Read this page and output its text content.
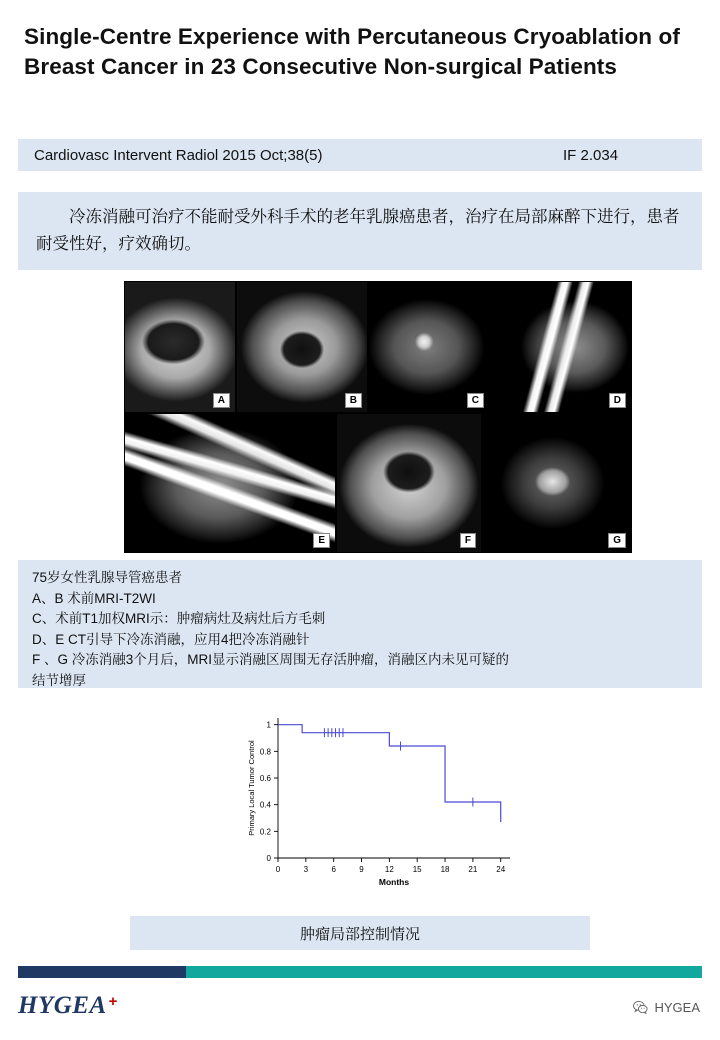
Single-Centre Experience with Percutaneous Cryoablation of Breast Cancer in 23 Consecutive Non-surgical Patients
Cardiovasc Intervent Radiol 2015 Oct;38(5)	IF 2.034
冷冻消融可治疗不能耐受外科手术的老年乳腺癌患者，治疗在局部麻醉下进行，患者耐受性好，疗效确切。
A	B	C	D
E	F	G
75岁女性乳腺导管癌患者
A、B 术前MRI-T2WI
C、术前T1加权MRI示：肿瘤病灶及病灶后方毛刺
D、E CT引导下冷冻消融，应用4把冷冻消融针
F 、G 冷冻消融3个月后，MRI显示消融区周围无存活肿瘤，消融区内未见可疑的
结节增厚
0	3	6	9	12 15 18 21 24
0
0.2
0.4
0.6
0.8
1
Months
Primary Local Tumor Control
肿瘤局部控制情况
HYGEA +	HYGEA
